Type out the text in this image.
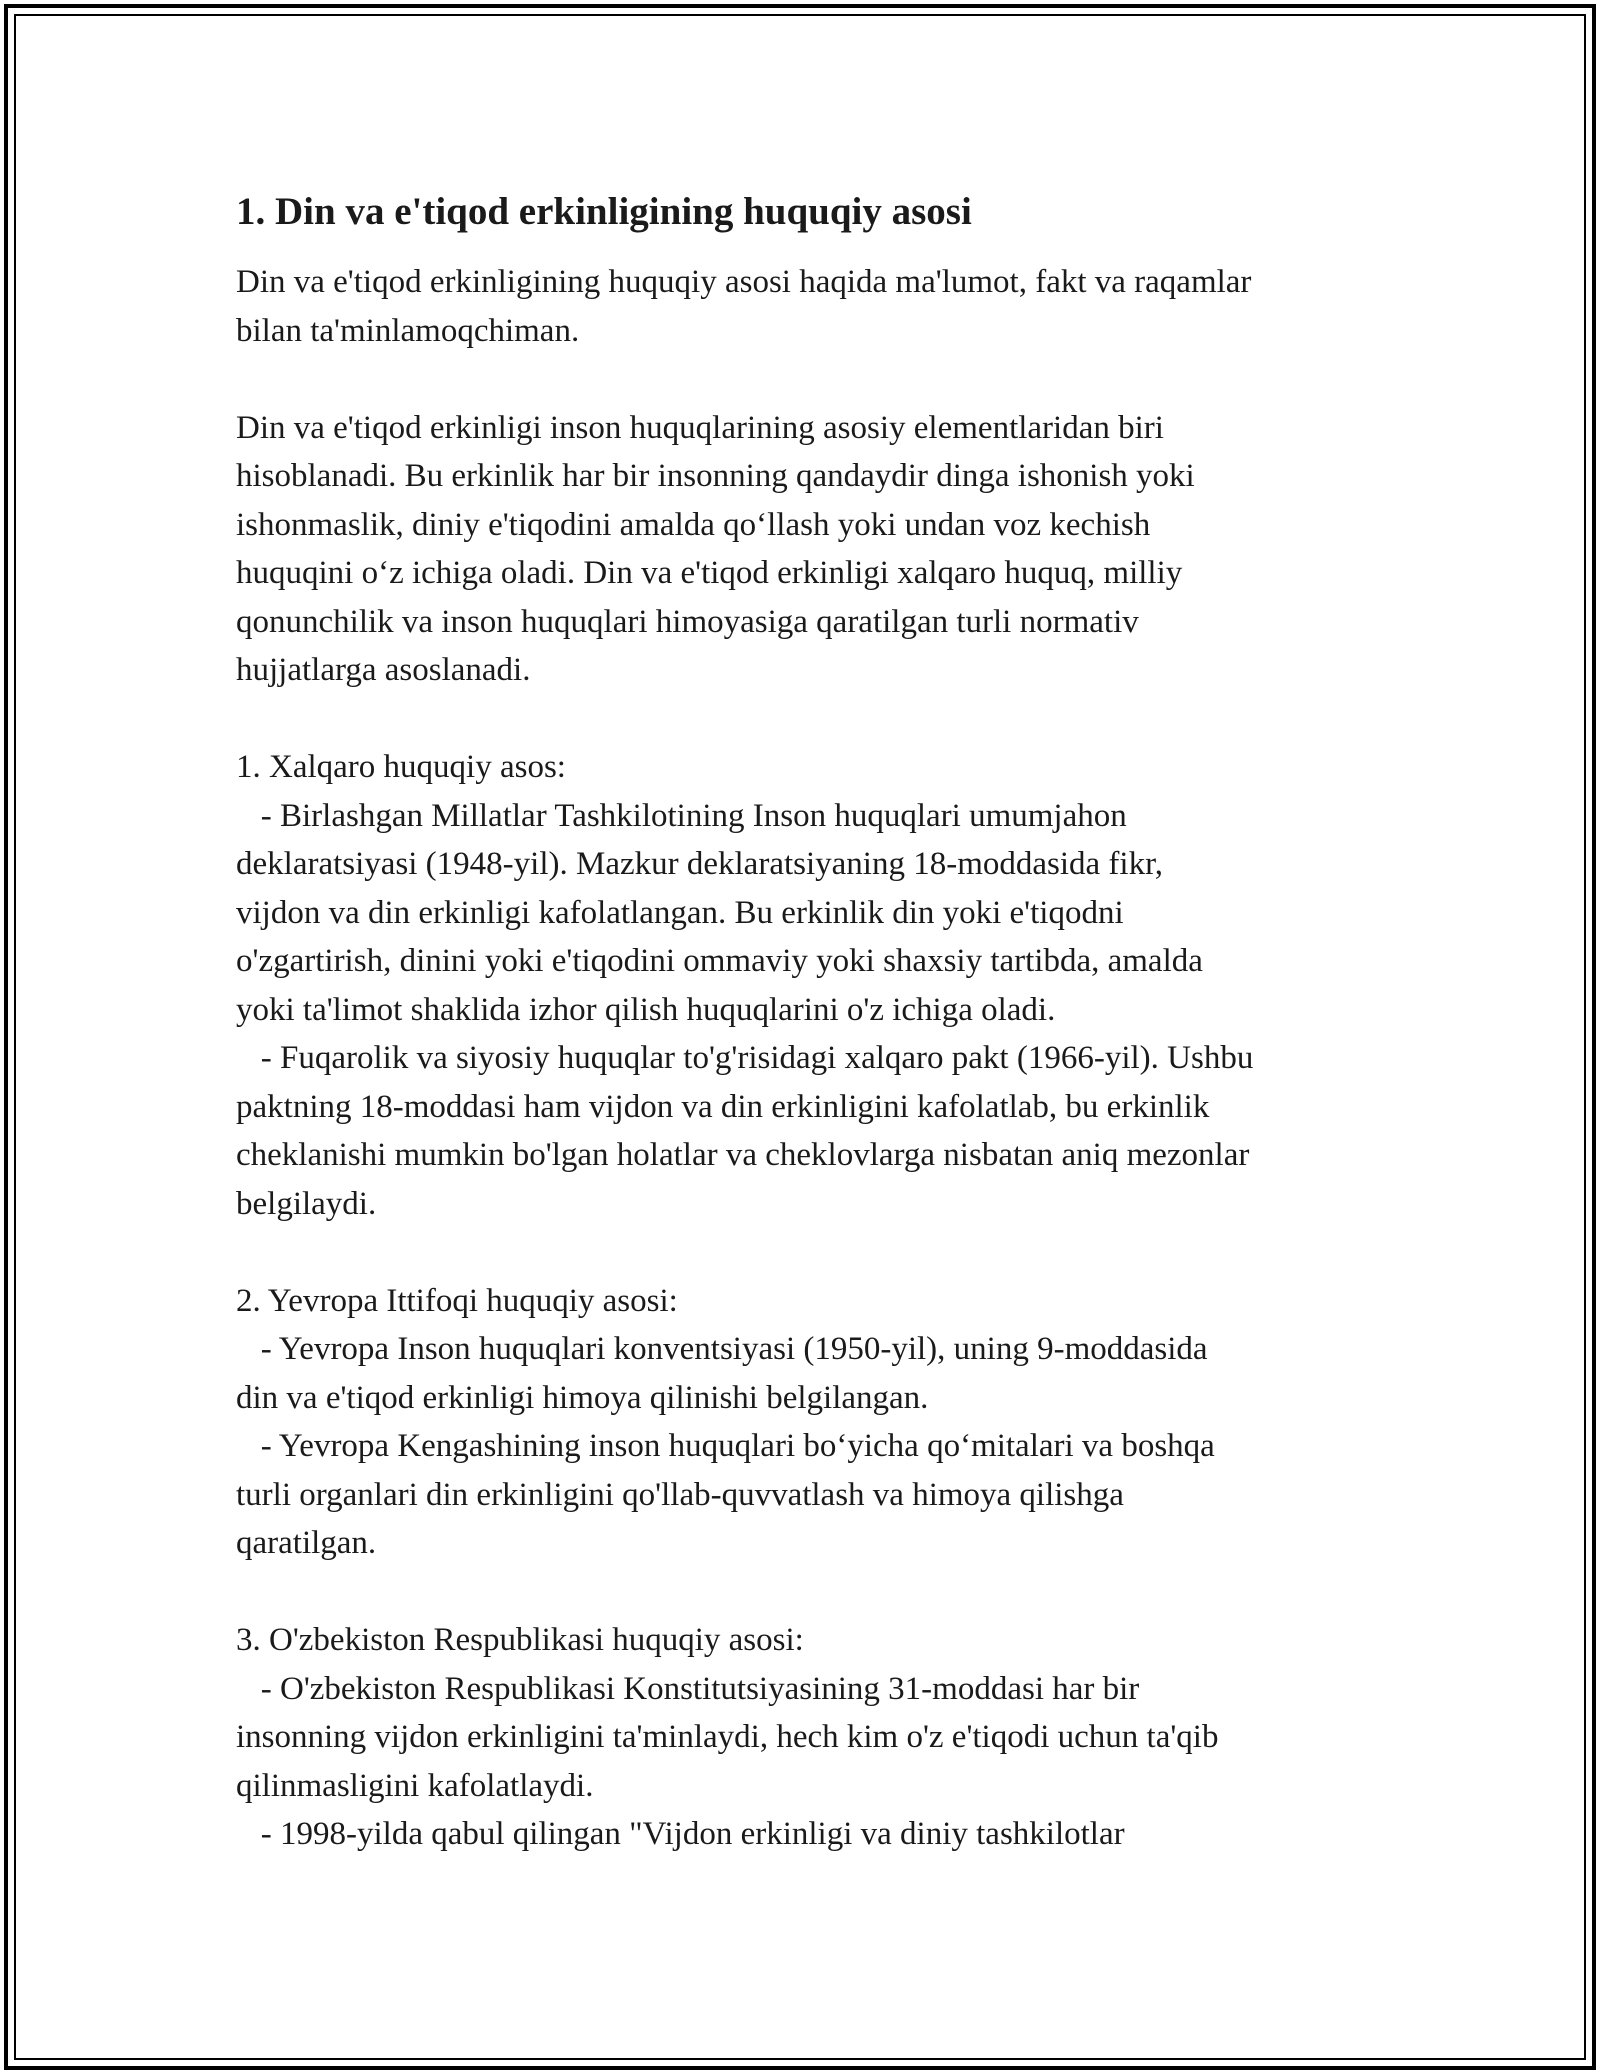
1. Din va e'tiqod erkinligining huquqiy asosi
Din va e'tiqod erkinligining huquqiy asosi haqida ma'lumot, fakt va raqamlar
bilan ta'minlamoqchiman.

Din va e'tiqod erkinligi inson huquqlarining asosiy elementlaridan biri
hisoblanadi. Bu erkinlik har bir insonning qandaydir dinga ishonish yoki
ishonmaslik, diniy e'tiqodini amalda qo‘llash yoki undan voz kechish
huquqini o‘z ichiga oladi. Din va e'tiqod erkinligi xalqaro huquq, milliy
qonunchilik va inson huquqlari himoyasiga qaratilgan turli normativ
hujjatlarga asoslanadi.

1. Xalqaro huquqiy asos:
- Birlashgan Millatlar Tashkilotining Inson huquqlari umumjahon
deklaratsiyasi (1948-yil). Mazkur deklaratsiyaning 18-moddasida fikr,
vijdon va din erkinligi kafolatlangan. Bu erkinlik din yoki e'tiqodni
o'zgartirish, dinini yoki e'tiqodini ommaviy yoki shaxsiy tartibda, amalda
yoki ta'limot shaklida izhor qilish huquqlarini o'z ichiga oladi.
- Fuqarolik va siyosiy huquqlar to'g'risidagi xalqaro pakt (1966-yil). Ushbu
paktning 18-moddasi ham vijdon va din erkinligini kafolatlab, bu erkinlik
cheklanishi mumkin bo'lgan holatlar va cheklovlarga nisbatan aniq mezonlar
belgilaydi.

2. Yevropa Ittifoqi huquqiy asosi:
- Yevropa Inson huquqlari konventsiyasi (1950-yil), uning 9-moddasida
din va e'tiqod erkinligi himoya qilinishi belgilangan.
- Yevropa Kengashining inson huquqlari bo‘yicha qo‘mitalari va boshqa
turli organlari din erkinligini qo'llab-quvvatlash va himoya qilishga
qaratilgan.

3. O'zbekiston Respublikasi huquqiy asosi:
- O'zbekiston Respublikasi Konstitutsiyasining 31-moddasi har bir
insonning vijdon erkinligini ta'minlaydi, hech kim o'z e'tiqodi uchun ta'qib
qilinmasligini kafolatlaydi.
- 1998-yilda qabul qilingan "Vijdon erkinligi va diniy tashkilotlar
